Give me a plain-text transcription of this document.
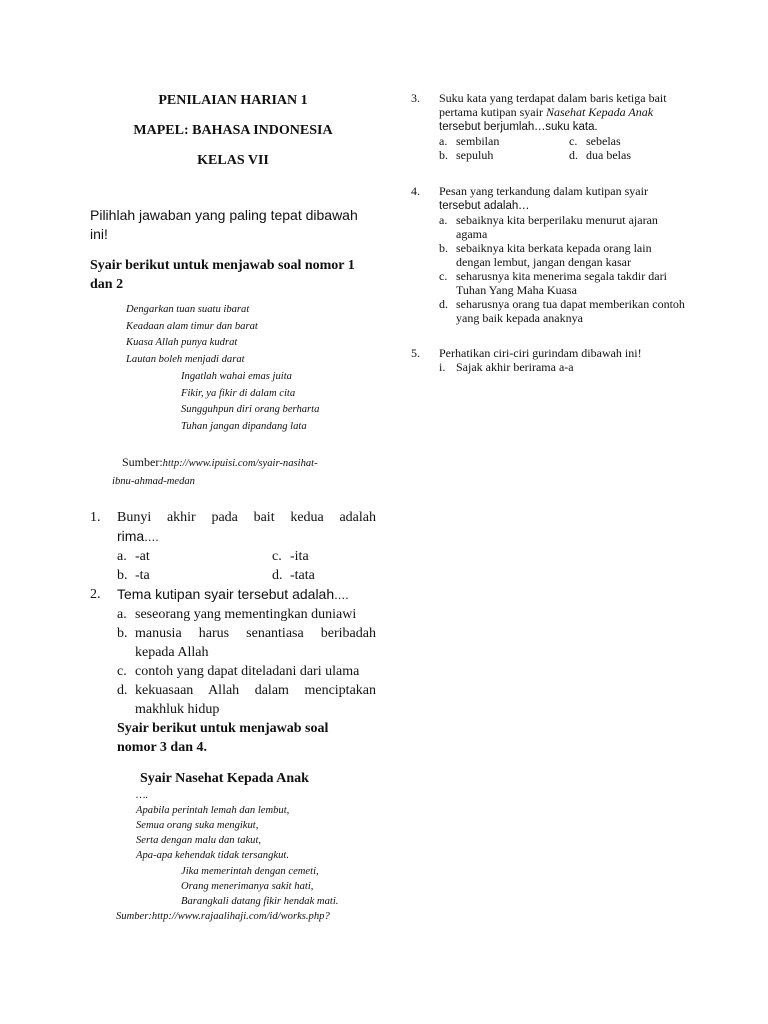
PENILAIAN HARIAN 1

MAPEL: BAHASA INDONESIA

KELAS VII

Pilihlah jawaban yang paling tepat dibawah ini!
Syair berikut untuk menjawab soal nomor 1 dan 2
Dengarkan tuan suatu ibarat
Keadaan alam timur dan barat
Kuasa Allah punya kudrat
Lautan boleh menjadi darat
Ingatlah wahai emas juita
Fikir, ya fikir di dalam cita
Sungguhpun diri orang berharta
Tuhan jangan dipandang lata
Sumber:http://www.ipuisi.com/syair-nasihat-
ibnu-ahmad-medan
1.	Bunyi akhir pada bait kedua adalah
rima….
a. -at	c. -ita
b. -ta	d. -tata
2.	Tema kutipan syair tersebut adalah….
a. seseorang yang mementingkan duniawi
b. manusia harus senantiasa beribadah kepada Allah
c. contoh yang dapat diteladani dari ulama
d. kekuasaan Allah dalam menciptakan makhluk hidup
Syair berikut untuk menjawab soal
nomor 3 dan 4.
Syair Nasehat Kepada Anak
….
Apabila perintah lemah dan lembut,
Semua orang suka mengikut,
Serta dengan malu dan takut,
Apa-apa kehendak tidak tersangkut.
Jika memerintah dengan cemeti,
Orang menerimanya sakit hati,
Barangkali datang fikir hendak mati.
Sumber:http://www.rajaalihaji.com/id/works.php?
3.	Suku kata yang terdapat dalam baris ketiga bait
pertama kutipan syair Nasehat Kepada Anak
tersebut berjumlah…suku kata.
a. sembilan	c. sebelas
b. sepuluh	d. dua belas
4.	Pesan yang terkandung dalam kutipan syair
tersebut adalah…
a. sebaiknya kita berperilaku menurut ajaran agama
b. sebaiknya kita berkata kepada orang lain dengan lembut, jangan dengan kasar
c. seharusnya kita menerima segala takdir dari Tuhan Yang Maha Kuasa
d. seharusnya orang tua dapat memberikan contoh yang baik kepada anaknya
5.	Perhatikan ciri-ciri gurindam dibawah ini!
i. Sajak akhir berirama a-a
